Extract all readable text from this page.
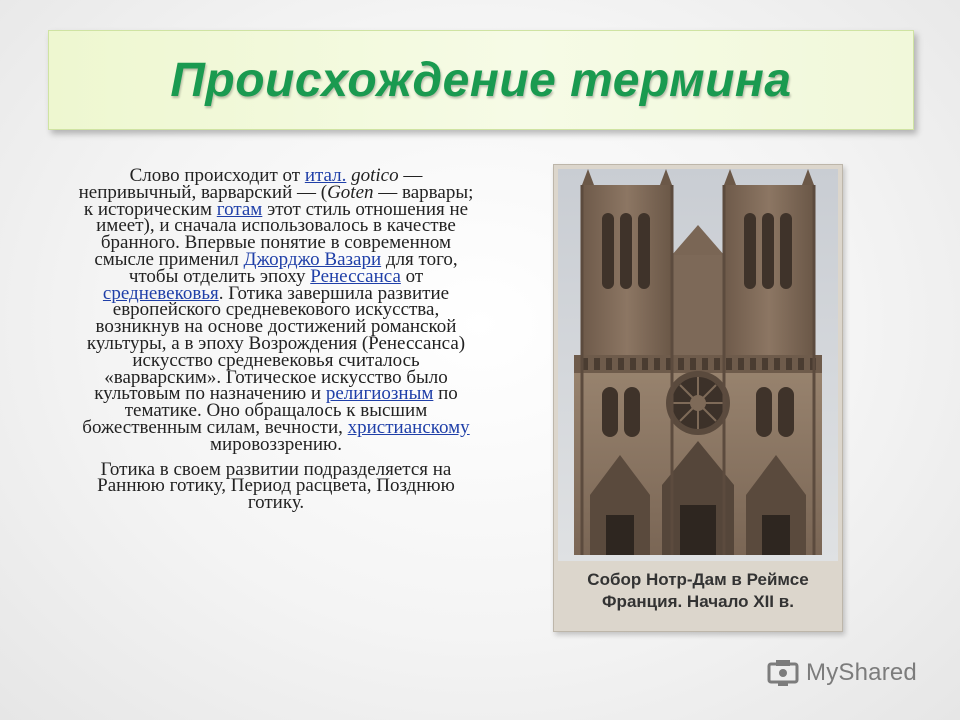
Происхождение термина

Слово происходит от итал. gotico — непривычный, варварский — (Goten — варвары; к историческим готам этот стиль отношения не имеет), и сначала использовалось в качестве бранного. Впервые понятие в современном смысле применил Джорджо Вазари для того, чтобы отделить эпоху Ренессанса от средневековья. Готика завершила развитие европейского средневекового искусства, возникнув на основе достижений романской культуры, а в эпоху Возрождения (Ренессанса) искусство средневековья считалось «варварским». Готическое искусство было культовым по назначению и религиозным по тематике. Оно обращалось к высшим божественным силам, вечности, христианскому мировоззрению.

Готика в своем развитии подразделяется на Раннюю готику, Период расцвета, Позднюю готику.

Собор Нотр-Дам в Реймсе
Франция. Начало XII в.
MyShared
